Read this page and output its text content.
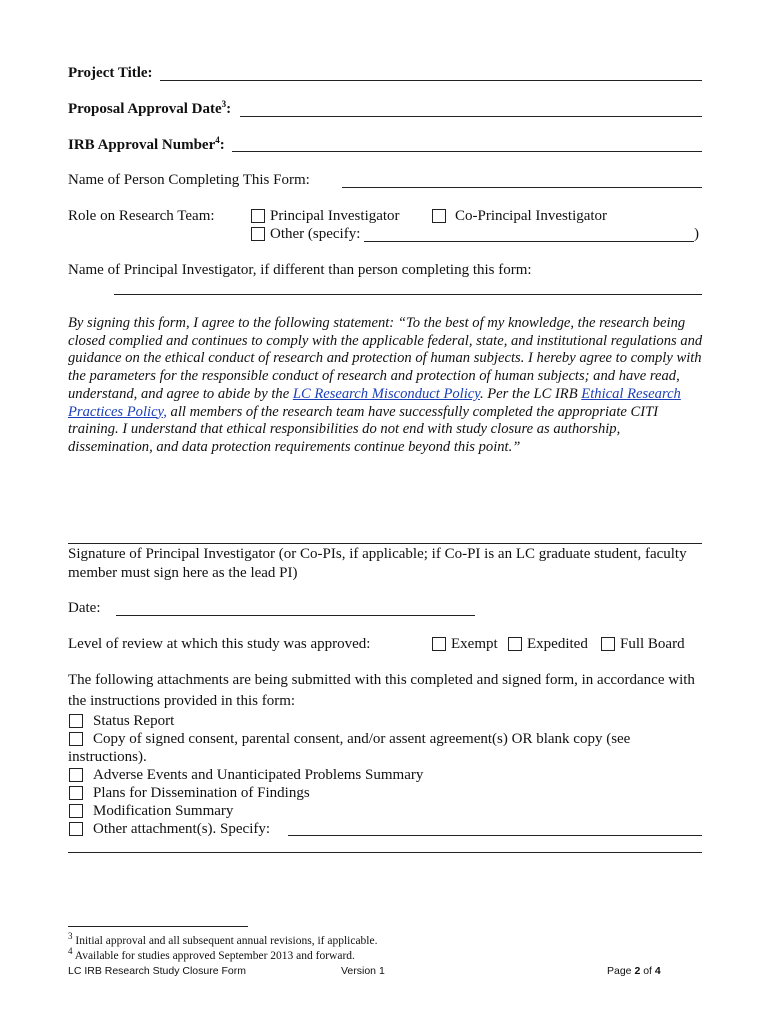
Project Title:
Proposal Approval Date$^3$:
IRB Approval Number$^4$:
Name of Person Completing This Form:
Role on Research Team:	Principal Investigator	Co-Principal Investigator
Other (specify:	)
Name of Principal Investigator, if different than person completing this form:
By signing this form, I agree to the following statement: “To the best of my knowledge, the research being closed complied and continues to comply with the applicable federal, state, and institutional regulations and guidance on the ethical conduct of research and protection of human subjects. I hereby agree to comply with the parameters for the responsible conduct of research and protection of human subjects; and have read, understand, and agree to abide by the LC Research Misconduct Policy. Per the LC IRB Ethical Research Practices Policy, all members of the research team have successfully completed the appropriate CITI training. I understand that ethical responsibilities do not end with study closure as authorship, dissemination, and data protection requirements continue beyond this point.”
Signature of Principal Investigator (or Co-PIs, if applicable; if Co-PI is an LC graduate student, faculty
member must sign here as the lead PI)
Date:
Level of review at which this study was approved:	Exempt Expedited Full Board
The following attachments are being submitted with this completed and signed form, in accordance with
the instructions provided in this form:
Status Report
Copy of signed consent, parental consent, and/or assent agreement(s) OR blank copy (see
instructions).
Adverse Events and Unanticipated Problems Summary
Plans for Dissemination of Findings
Modification Summary
Other attachment(s). Specify:
$^3$ Initial approval and all subsequent annual revisions, if applicable.
$^4$ Available for studies approved September 2013 and forward.
LC IRB Research Study Closure Form	Version 1	Page 2 of 4
